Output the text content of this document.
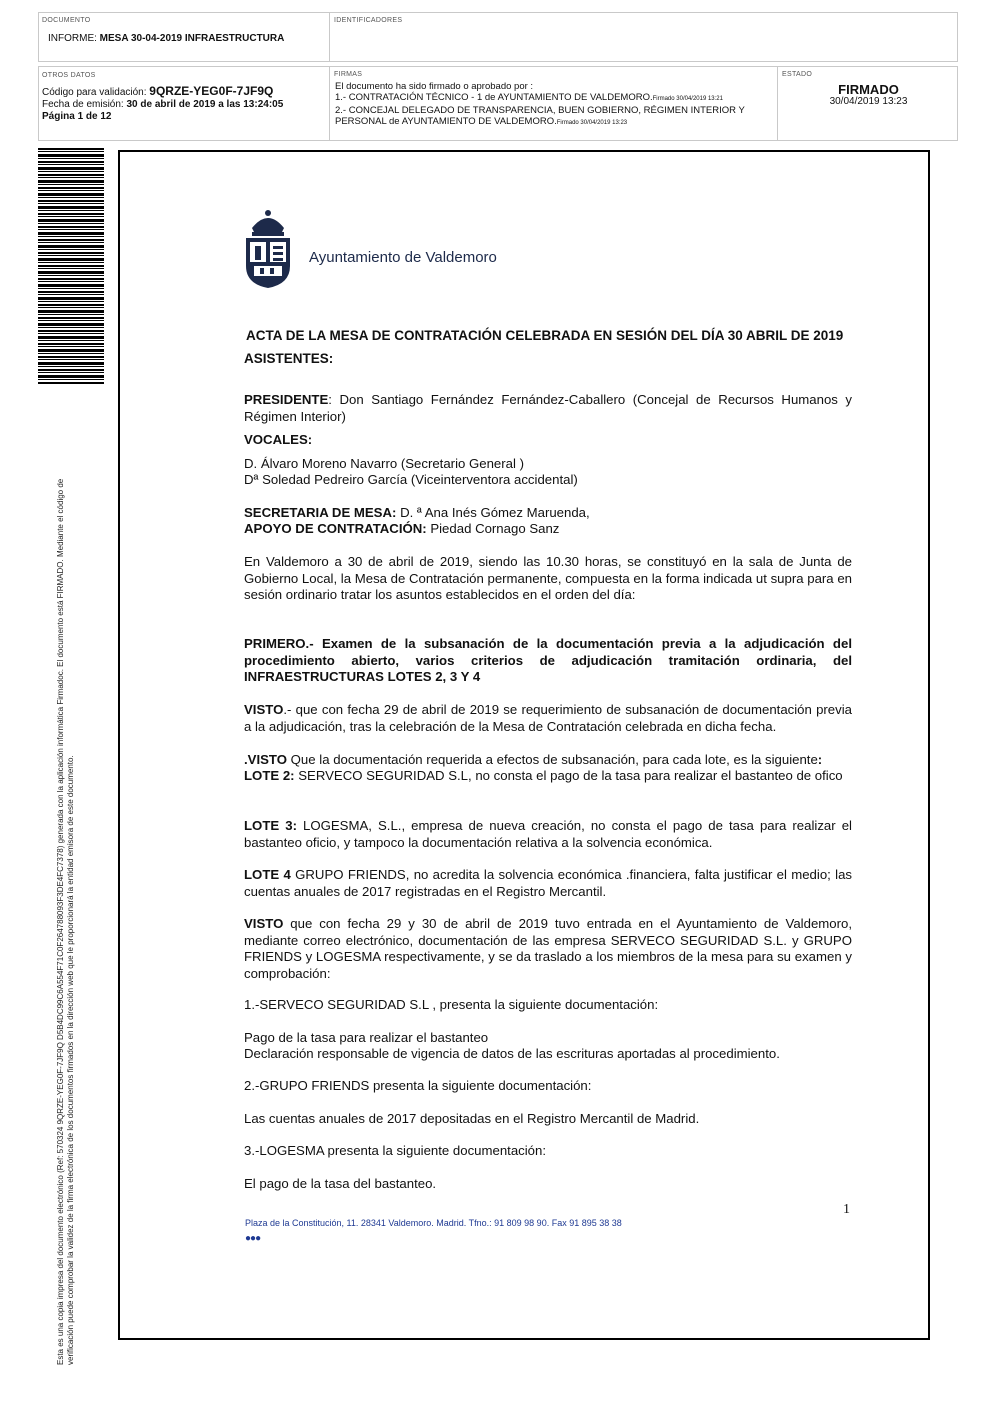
DOCUMENTO
INFORME: MESA 30-04-2019 INFRAESTRUCTURA
IDENTIFICADORES
OTROS DATOS
Código para validación: 9QRZE-YEG0F-7JF9Q
Fecha de emisión: 30 de abril de 2019 a las 13:24:05
Página 1 de 12
FIRMAS
El documento ha sido firmado o aprobado por :
1.- CONTRATACIÓN TÉCNICO - 1 de AYUNTAMIENTO DE VALDEMORO.Firmado 30/04/2019 13:21
2.- CONCEJAL DELEGADO DE TRANSPARENCIA, BUEN GOBIERNO, RÉGIMEN INTERIOR Y PERSONAL de AYUNTAMIENTO DE VALDEMORO.Firmado 30/04/2019 13:23
ESTADO
FIRMADO
30/04/2019 13:23
Esta es una copia impresa del documento electrónico (Ref: 570324 9QRZE-YEG0F-7JF9Q D5B4DC99C6A554F71C0F264788093F3DE4FC7378) generada con la aplicación informática Firmadoc. El documento está FIRMADO. Mediante el código de verificación puede comprobar la validez de la firma electrónica de los documentos firmados en la dirección web que le proporcionará la entidad emisora de este documento.
Ayuntamiento de Valdemoro
ACTA DE LA MESA DE CONTRATACIÓN CELEBRADA EN SESIÓN DEL DÍA 30 ABRIL DE 2019
ASISTENTES:
PRESIDENTE: Don Santiago Fernández Fernández-Caballero (Concejal de Recursos Humanos y Régimen Interior)
VOCALES:
D. Álvaro Moreno Navarro (Secretario General )
Dª Soledad Pedreiro García (Viceinterventora accidental)
SECRETARIA DE MESA: D. ª Ana Inés Gómez Maruenda,
APOYO DE CONTRATACIÓN: Piedad Cornago Sanz
En Valdemoro a 30 de abril de 2019, siendo las 10.30 horas, se constituyó en la sala de Junta de Gobierno Local, la Mesa de Contratación permanente, compuesta en la forma indicada ut supra para en sesión ordinario tratar los asuntos establecidos en el orden del día:
PRIMERO.- Examen de la subsanación de la documentación previa a la adjudicación del procedimiento abierto, varios criterios de adjudicación tramitación ordinaria, del INFRAESTRUCTURAS LOTES 2, 3 Y 4
VISTO.- que con fecha 29 de abril de 2019 se requerimiento de subsanación de documentación previa a la adjudicación, tras la celebración de la Mesa de Contratación celebrada en dicha fecha.
.VISTO Que la documentación requerida a efectos de subsanación, para cada lote, es la siguiente:
LOTE 2: SERVECO SEGURIDAD S.L, no consta el pago de la tasa para realizar el bastanteo de ofico
LOTE 3: LOGESMA, S.L., empresa de nueva creación, no consta el pago de tasa para realizar el bastanteo oficio, y tampoco la documentación relativa a la solvencia económica.
LOTE 4 GRUPO FRIENDS, no acredita la solvencia económica .financiera, falta justificar el medio; las cuentas anuales de 2017 registradas en el Registro Mercantil.
VISTO que con fecha 29 y 30 de abril de 2019 tuvo entrada en el Ayuntamiento de Valdemoro, mediante correo electrónico, documentación de las empresa SERVECO SEGURIDAD S.L. y GRUPO FRIENDS y LOGESMA respectivamente, y se da traslado a los miembros de la mesa para su examen y comprobación:
1.-SERVECO SEGURIDAD S.L , presenta la siguiente documentación:
Pago de la tasa para realizar el bastanteo
Declaración responsable de vigencia de datos de las escrituras aportadas al procedimiento.
2.-GRUPO FRIENDS presenta la siguiente documentación:
Las cuentas anuales de 2017 depositadas en el Registro Mercantil de Madrid.
3.-LOGESMA presenta la siguiente documentación:
El pago de la tasa del bastanteo.
1
Plaza de la Constitución, 11. 28341 Valdemoro. Madrid. Tfno.: 91 809 98 90. Fax 91 895 38 38
●●●
